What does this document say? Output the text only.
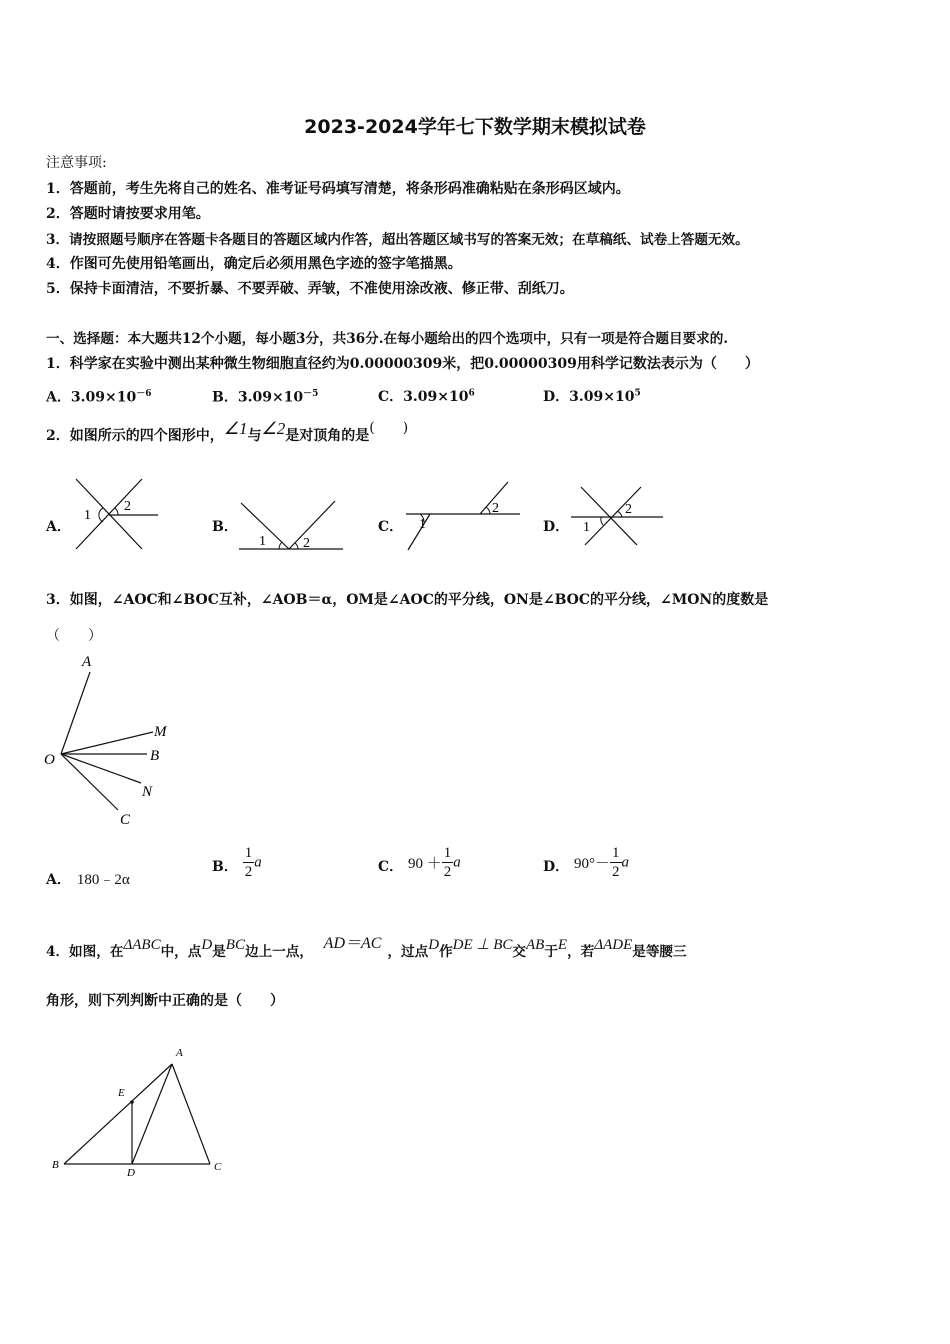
2023-2024学年七下数学期末模拟试卷
注意事项:
1．答题前，考生先将自己的姓名、准考证号码填写清楚，将条形码准确粘贴在条形码区域内。
2．答题时请按要求用笔。
3．请按照题号顺序在答题卡各题目的答题区域内作答，超出答题区域书写的答案无效；在草稿纸、试卷上答题无效。
4．作图可先使用铅笔画出，确定后必须用黑色字迹的签字笔描黑。
5．保持卡面清洁，不要折暴、不要弄破、弄皱，不准使用涂改液、修正带、刮纸刀。
一、选择题：本大题共12个小题，每小题3分，共36分.在每小题给出的四个选项中，只有一项是符合题目要求的.
1．科学家在实验中测出某种微生物细胞直径约为0.00000309米，把0.00000309用科学记数法表示为（　　）
A．$3.09\times 10^{-6}$	B．$3.09\times 10^{-5}$	C．$3.09\times 10^6$	D．$3.09\times 10^5$
2．如图所示的四个图形中，∠1与∠2是对顶角的是(　　)
A．	B．	C．	D．
1
2
1	2
1
2
1
2
3．如图，∠AOC和∠BOC互补，∠AOB＝α，OM是∠AOC的平分线，ON是∠BOC的平分线，∠MON的度数是
（　　）
A
M
B
O
N
C
A． 180﹣2α
B． $\frac{1}{2}$ a	C． $90 + \frac{1}{2}$ a	D． $90^\circ- \frac{1}{2}$ a
4．如图，在ΔABC中，点D是BC边上一点， AD＝AC ，过点D作DE ⊥ BC交AB于E，若ΔADE是等腰三
角形，则下列判断中正确的是（　　）
A
E
B
D	C
